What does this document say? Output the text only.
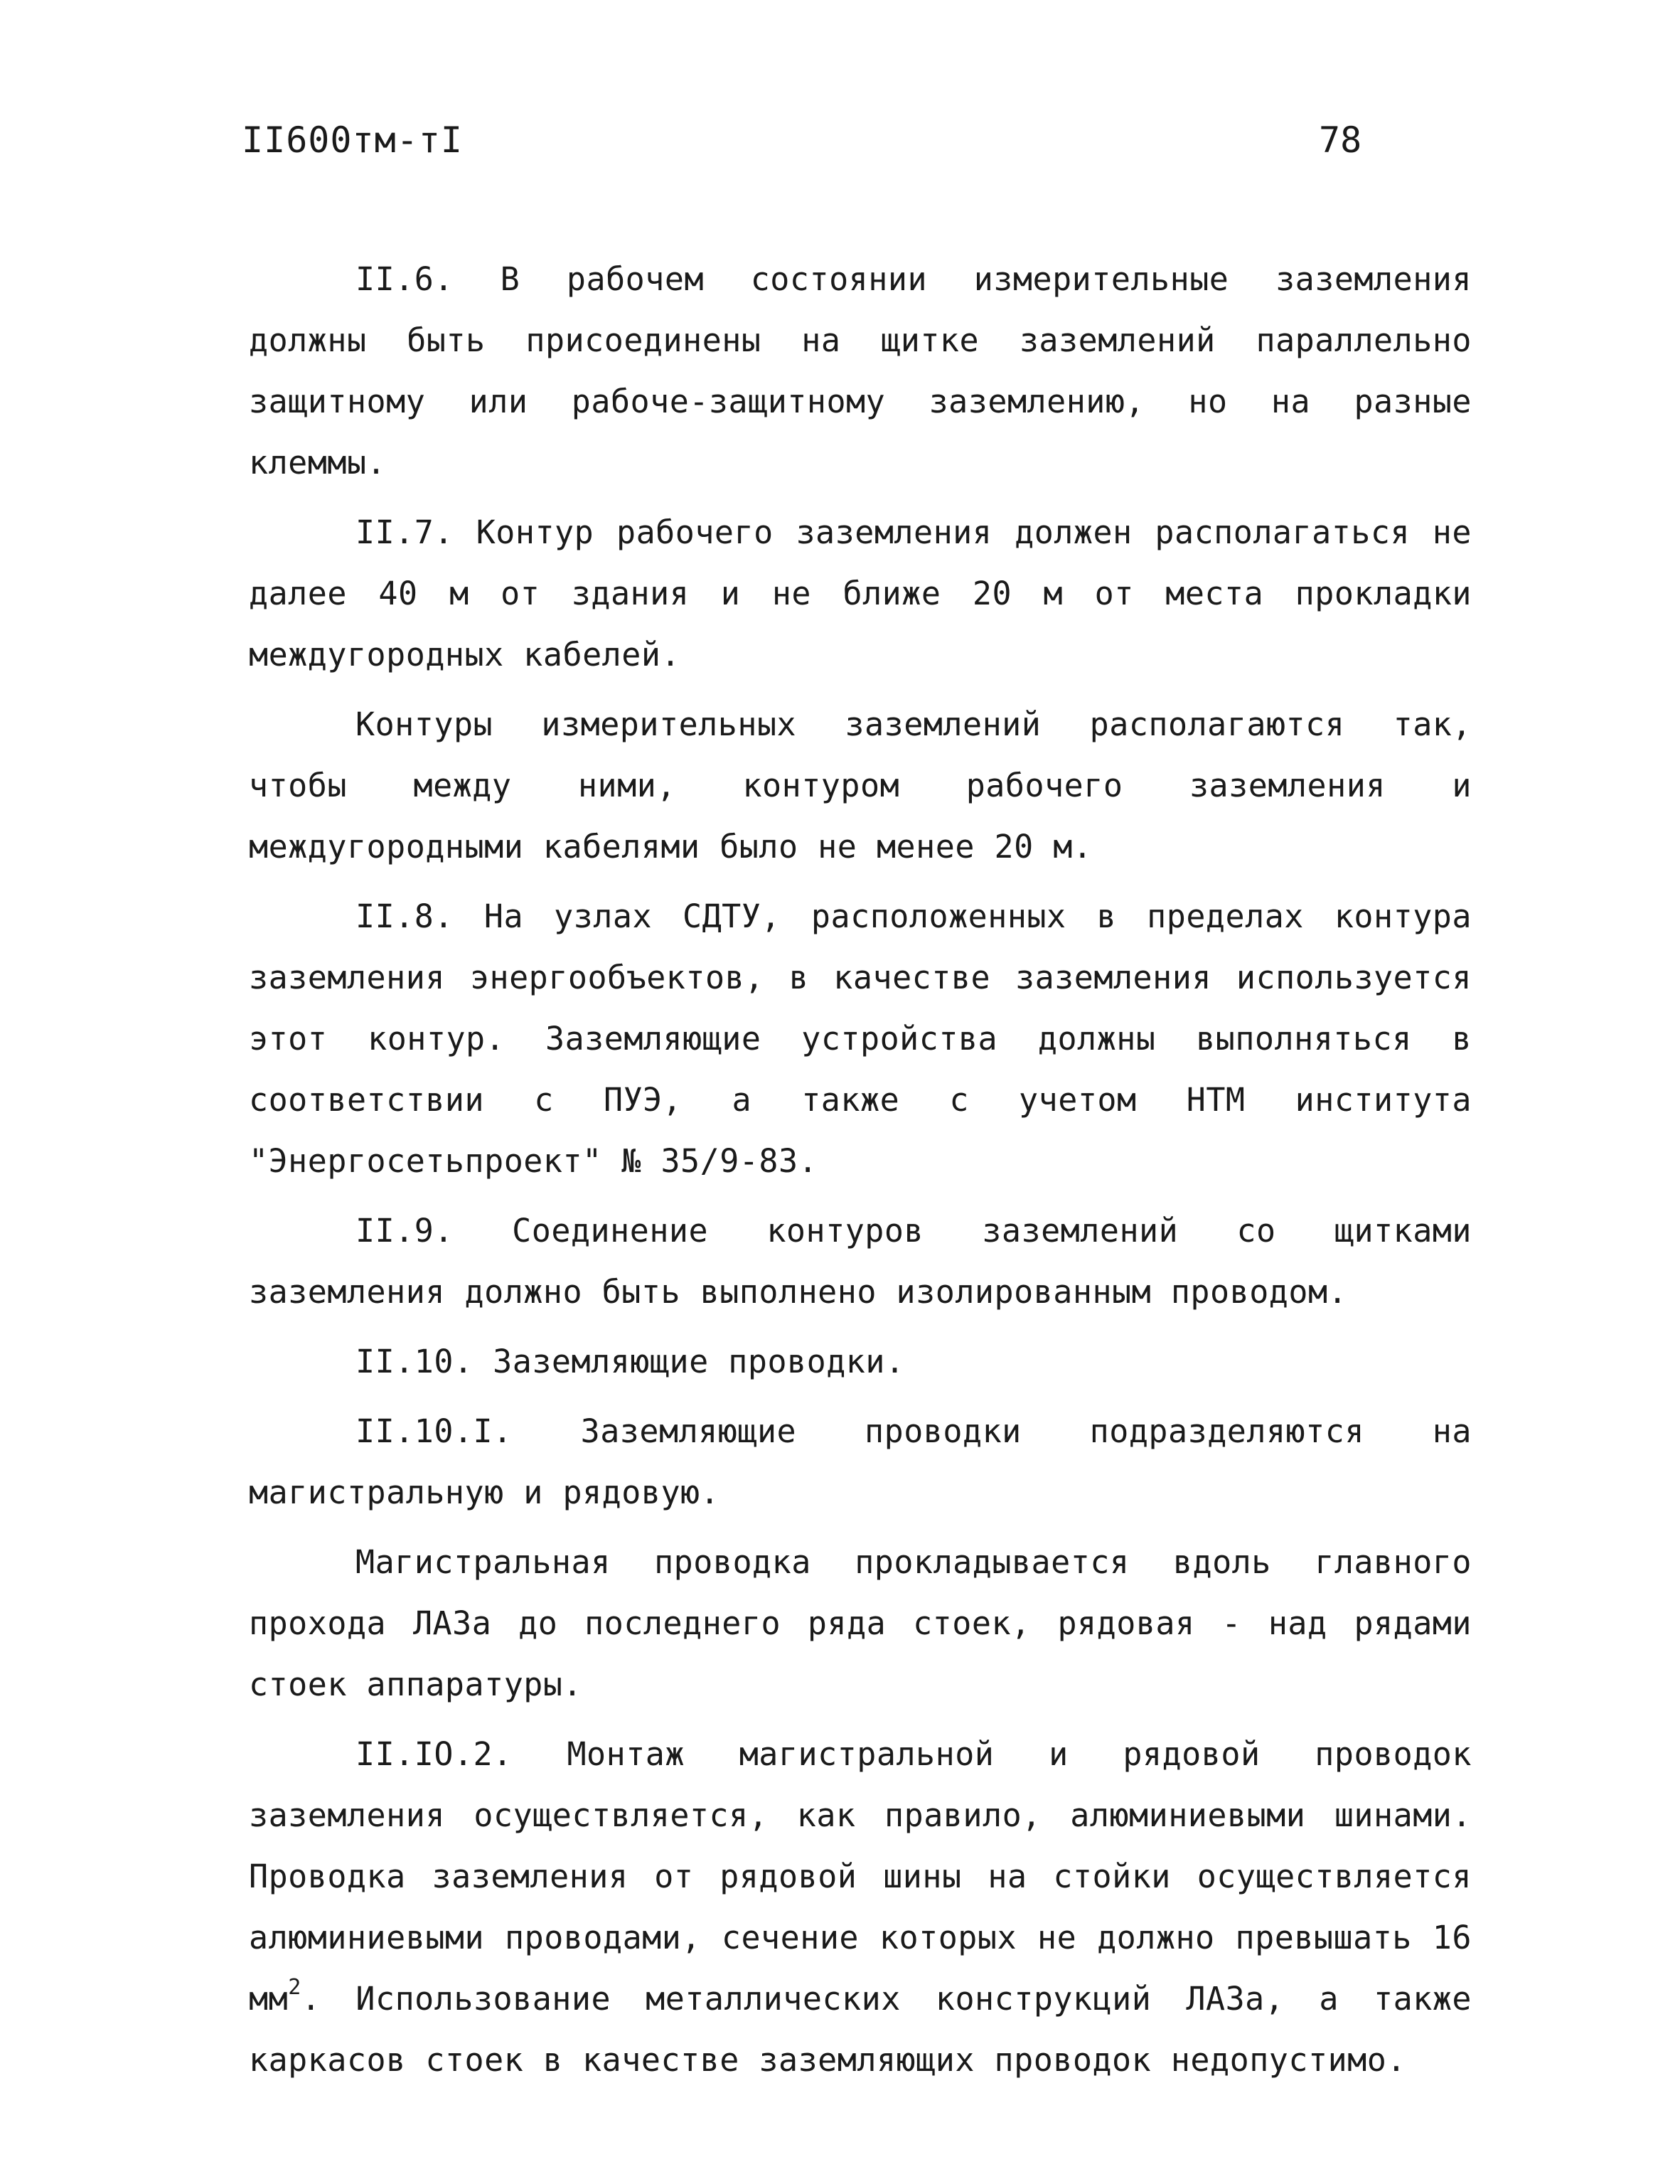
II600тм-тI	78

II.6. В рабочем состоянии измерительные заземления должны быть присоединены на щитке заземлений параллельно защитному или рабоче-защитному заземлению, но на разные клеммы.

II.7. Контур рабочего заземления должен располагаться не далее 40 м от здания и не ближе 20 м от места прокладки междугородных кабелей.

Контуры измерительных заземлений располагаются так, чтобы между ними, контуром рабочего заземления и междугородными кабелями было не менее 20 м.

II.8. На узлах СДТУ, расположенных в пределах контура заземления энергообъектов, в качестве заземления используется этот контур. Заземляющие устройства должны выполняться в соответствии с ПУЭ, а также с учетом НТМ института "Энергосетьпроект" № 35/9-83.

II.9. Соединение контуров заземлений со щитками заземления должно быть выполнено изолированным проводом.

II.10. Заземляющие проводки.

II.10.I. Заземляющие проводки подразделяются на магистральную и рядовую.

Магистральная проводка прокладывается вдоль главного прохода ЛАЗа до последнего ряда стоек, рядовая - над рядами стоек аппаратуры.

II.IO.2. Монтаж магистральной и рядовой проводок заземления осуществляется, как правило, алюминиевыми шинами. Проводка заземления от рядовой шины на стойки осуществляется алюминиевыми проводами, сечение которых не должно превышать 16 $мм^2$. Использование металлических конструкций ЛАЗа, а также каркасов стоек в качестве заземляющих проводок недопустимо.
